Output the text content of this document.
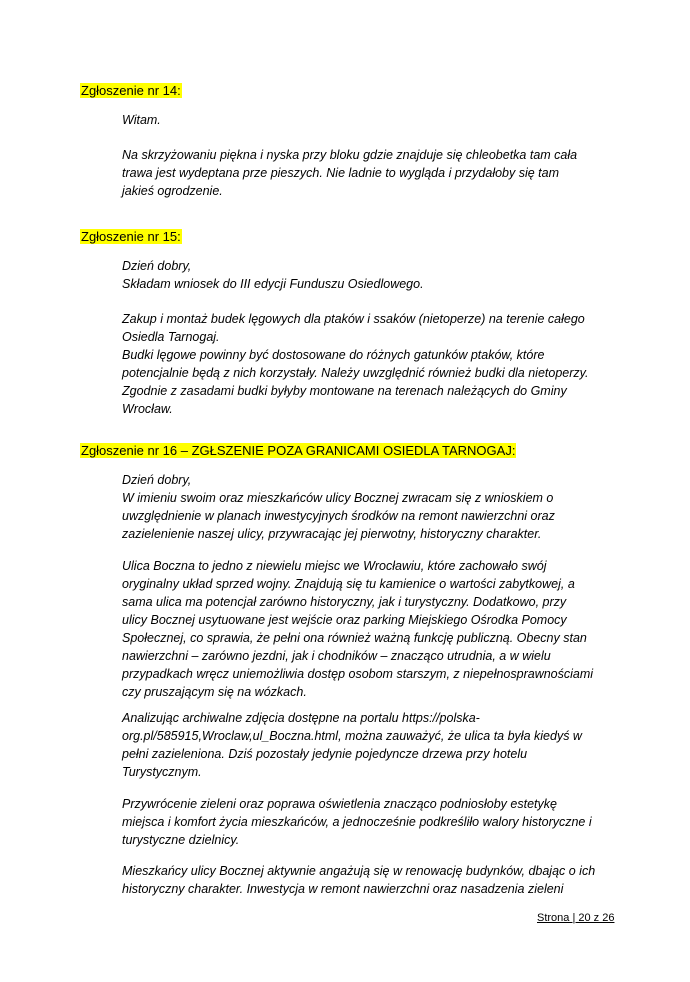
Zgłoszenie nr 14:
Witam.
Na skrzyżowaniu piękna i nyska przy bloku gdzie znajduje się chleobetka tam cała
trawa jest wydeptana prze pieszych. Nie ladnie to wygląda i przydałoby się tam
jakieś ogrodzenie.
Zgłoszenie nr 15:
Dzień dobry,
Składam wniosek do III edycji Funduszu Osiedlowego.
Zakup i montaż budek lęgowych dla ptaków i ssaków (nietoperze) na terenie całego
Osiedla Tarnogaj.
Budki lęgowe powinny być dostosowane do różnych gatunków ptaków, które
potencjalnie będą z nich korzystały. Należy uwzględnić również budki dla nietoperzy.
Zgodnie z zasadami budki byłyby montowane na terenach należących do Gminy
Wrocław.
Zgłoszenie nr 16 – ZGŁSZENIE POZA GRANICAMI OSIEDLA TARNOGAJ:
Dzień dobry,
W imieniu swoim oraz mieszkańców ulicy Bocznej zwracam się z wnioskiem o
uwzględnienie w planach inwestycyjnych środków na remont nawierzchni oraz
zazielenienie naszej ulicy, przywracając jej pierwotny, historyczny charakter.
Ulica Boczna to jedno z niewielu miejsc we Wrocławiu, które zachowało swój
oryginalny układ sprzed wojny. Znajdują się tu kamienice o wartości zabytkowej, a
sama ulica ma potencjał zarówno historyczny, jak i turystyczny. Dodatkowo, przy
ulicy Bocznej usytuowane jest wejście oraz parking Miejskiego Ośrodka Pomocy
Społecznej, co sprawia, że pełni ona również ważną funkcję publiczną. Obecny stan
nawierzchni – zarówno jezdni, jak i chodników – znacząco utrudnia, a w wielu
przypadkach wręcz uniemożliwia dostęp osobom starszym, z niepełnosprawnościami
czy pruszającym się na wózkach.
Analizując archiwalne zdjęcia dostępne na portalu https://polska-
org.pl/585915,Wroclaw,ul_Boczna.html, można zauważyć, że ulica ta była kiedyś w
pełni zazieleniona. Dziś pozostały jedynie pojedyncze drzewa przy hotelu
Turystycznym.
Przywrócenie zieleni oraz poprawa oświetlenia znacząco podniosłoby estetykę
miejsca i komfort życia mieszkańców, a jednocześnie podkreśliło walory historyczne i
turystyczne dzielnicy.
Mieszkańcy ulicy Bocznej aktywnie angażują się w renowację budynków, dbając o ich
historyczny charakter. Inwestycja w remont nawierzchni oraz nasadzenia zieleni
Strona | 20 z 26
